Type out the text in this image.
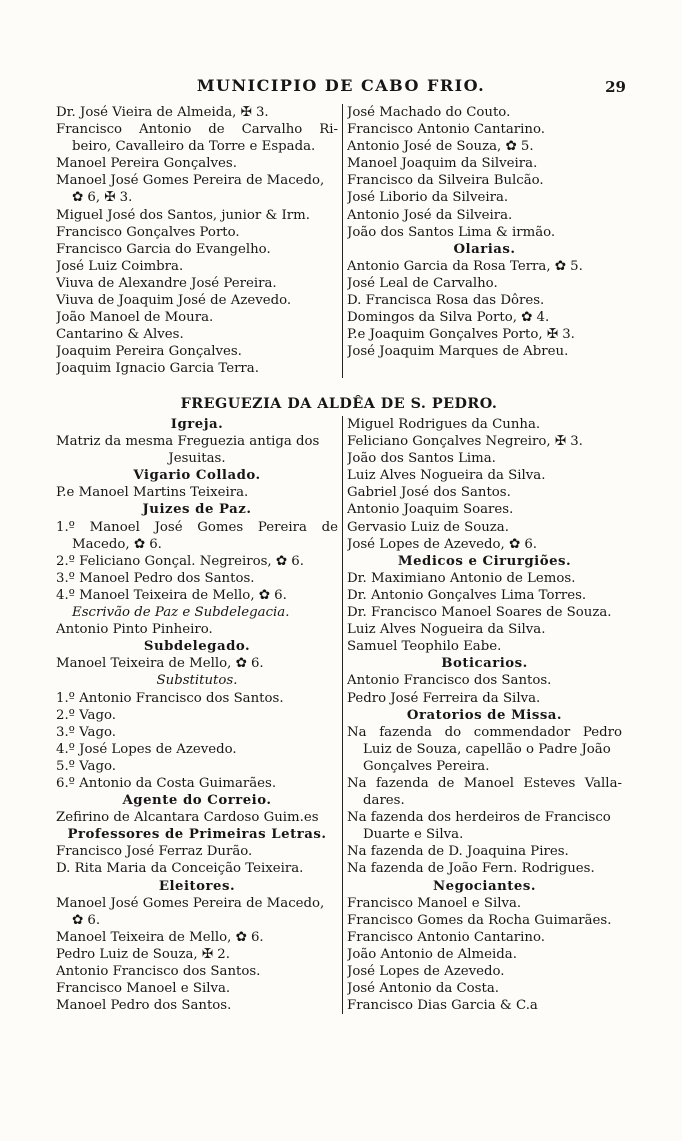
MUNICIPIO DE CABO FRIO.	29
Dr. José Vieira de Almeida, ✠ 3.
Francisco Antonio de Carvalho Ri-
beiro, Cavalleiro da Torre e Espada.
Manoel Pereira Gonçalves.
Manoel José Gomes Pereira de Macedo,
✿ 6, ✠ 3.
Miguel José dos Santos, junior & Irm.
Francisco Gonçalves Porto.
Francisco Garcia do Evangelho.
José Luiz Coimbra.
Viuva de Alexandre José Pereira.
Viuva de Joaquim José de Azevedo.
João Manoel de Moura.
Cantarino & Alves.
Joaquim Pereira Gonçalves.
Joaquim Ignacio Garcia Terra.
José Machado do Couto.
Francisco Antonio Cantarino.
Antonio José de Souza, ✿ 5.
Manoel Joaquim da Silveira.
Francisco da Silveira Bulcão.
José Liborio da Silveira.
Antonio José da Silveira.
João dos Santos Lima & irmão.
Olarias.
Antonio Garcia da Rosa Terra, ✿ 5.
José Leal de Carvalho.
D. Francisca Rosa das Dôres.
Domingos da Silva Porto, ✿ 4.
P.e Joaquim Gonçalves Porto, ✠ 3.
José Joaquim Marques de Abreu.
FREGUEZIA DA ALDÊA DE S. PEDRO.
Igreja.
Matriz da mesma Freguezia antiga dos
Jesuitas.
Vigario Collado.
P.e Manoel Martins Teixeira.
Juizes de Paz.
1.º Manoel José Gomes Pereira de
Macedo, ✿ 6.
2.º Feliciano Gonçal. Negreiros, ✿ 6.
3.º Manoel Pedro dos Santos.
4.º Manoel Teixeira de Mello, ✿ 6.
Escrivão de Paz e Subdelegacia.
Antonio Pinto Pinheiro.
Subdelegado.
Manoel Teixeira de Mello, ✿ 6.
Substitutos.
1.º Antonio Francisco dos Santos.
2.º Vago.
3.º Vago.
4.º José Lopes de Azevedo.
5.º Vago.
6.º Antonio da Costa Guimarães.
Agente do Correio.
Zefirino de Alcantara Cardoso Guim.es
Professores de Primeiras Letras.
Francisco José Ferraz Durão.
D. Rita Maria da Conceição Teixeira.
Eleitores.
Manoel José Gomes Pereira de Macedo,
✿ 6.
Manoel Teixeira de Mello, ✿ 6.
Pedro Luiz de Souza, ✠ 2.
Antonio Francisco dos Santos.
Francisco Manoel e Silva.
Manoel Pedro dos Santos.
Miguel Rodrigues da Cunha.
Feliciano Gonçalves Negreiro, ✠ 3.
João dos Santos Lima.
Luiz Alves Nogueira da Silva.
Gabriel José dos Santos.
Antonio Joaquim Soares.
Gervasio Luiz de Souza.
José Lopes de Azevedo, ✿ 6.
Medicos e Cirurgiões.
Dr. Maximiano Antonio de Lemos.
Dr. Antonio Gonçalves Lima Torres.
Dr. Francisco Manoel Soares de Souza.
Luiz Alves Nogueira da Silva.
Samuel Teophilo Eabe.
Boticarios.
Antonio Francisco dos Santos.
Pedro José Ferreira da Silva.
Oratorios de Missa.
Na fazenda do commendador Pedro
Luiz de Souza, capellão o Padre João
Gonçalves Pereira.
Na fazenda de Manoel Esteves Valla-
dares.
Na fazenda dos herdeiros de Francisco
Duarte e Silva.
Na fazenda de D. Joaquina Pires.
Na fazenda de João Fern. Rodrigues.
Negociantes.
Francisco Manoel e Silva.
Francisco Gomes da Rocha Guimarães.
Francisco Antonio Cantarino.
João Antonio de Almeida.
José Lopes de Azevedo.
José Antonio da Costa.
Francisco Dias Garcia & C.a
